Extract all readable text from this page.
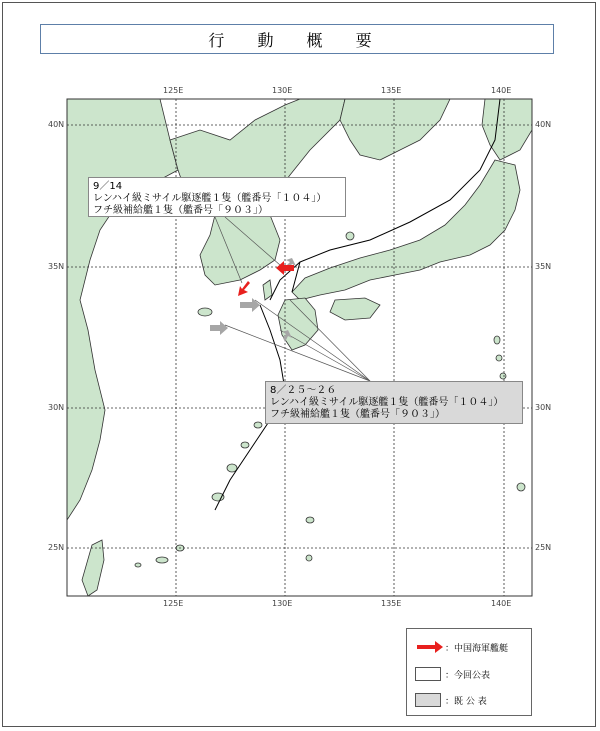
行 動 概 要
125E	130E	135E	140E
125E	130E	135E	140E
40N
35N
30N
25N
40N
35N
30N
25N
9／14
レンハイ級ミサイル駆逐艦１隻（艦番号「１０４」）
フチ級補給艦１隻（艦番号「９０３」）
8／２５～２６
レンハイ級ミサイル駆逐艦１隻（艦番号「１０４」）
フチ級補給艦１隻（艦番号「９０３」）
：中国海軍艦艇
：今回公表
：既 公 表
